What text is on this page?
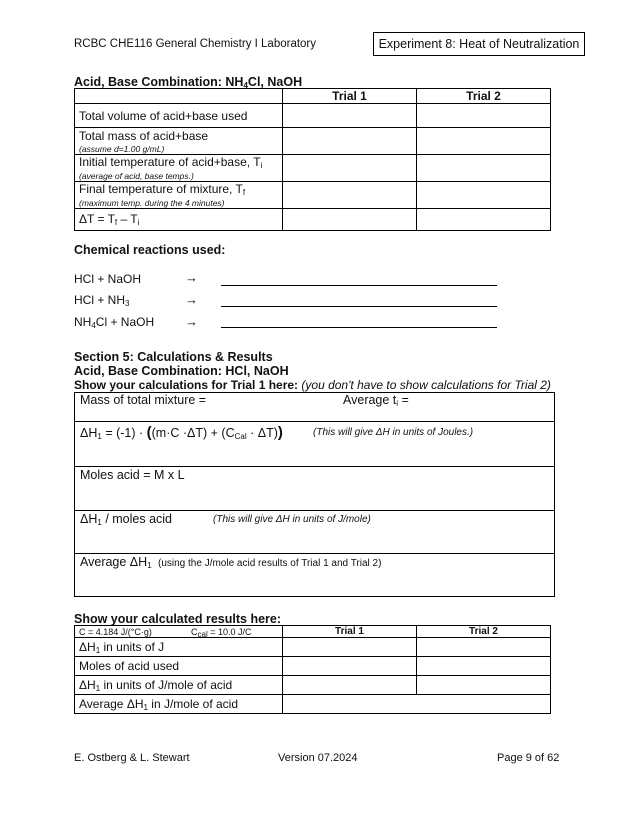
RCBC CHE116 General Chemistry I Laboratory	Experiment 8: Heat of Neutralization
Acid, Base Combination: $NH_4Cl$, NaOH
	Trial 1	Trial 2
Total volume of acid+base used		
Total mass of acid+base
(assume d=1.00 g/mL)		

Initial temperature of acid+base, $T_i$
(average of acid, base temps.)		

Final temperature of mixture, $T_f$
(maximum temp. during the 4 minutes)		

$\Delta T = T_f - T_i$		
Chemical reactions used:
HCl + NaOH	→
HCl + $NH_3$	→
$NH_4Cl$ + NaOH →
Section 5: Calculations & Results
Acid, Base Combination: HCl, NaOH
Show your calculations for Trial 1 here: (you don't have to show calculations for Trial 2)
Mass of total mixture =	Average $t_i$ =
$\Delta H_1 = (-1) \cdot ((m\cdot C \cdot\Delta T) + (C_{Cal} \cdot \Delta T))$	(This will give ΔH in units of Joules.)
Moles acid = M x L
$\Delta H_1$ / moles acid	(This will give ΔH in units of J/mole)
Average $\Delta H_1$ (using the J/mole acid results of Trial 1 and Trial 2)
Show your calculated results here:
C = 4.184 J/(°C·g) $C_{cal} = 10.0$ J/C	Trial 1	Trial 2
$\Delta H_1$ in units of J		
Moles of acid used		
$\Delta H_1$ in units of J/mole of acid		
Average $\Delta H_1$ in J/mole of acid		
E. Ostberg & L. Stewart	Version 07.2024	Page 9 of 62
